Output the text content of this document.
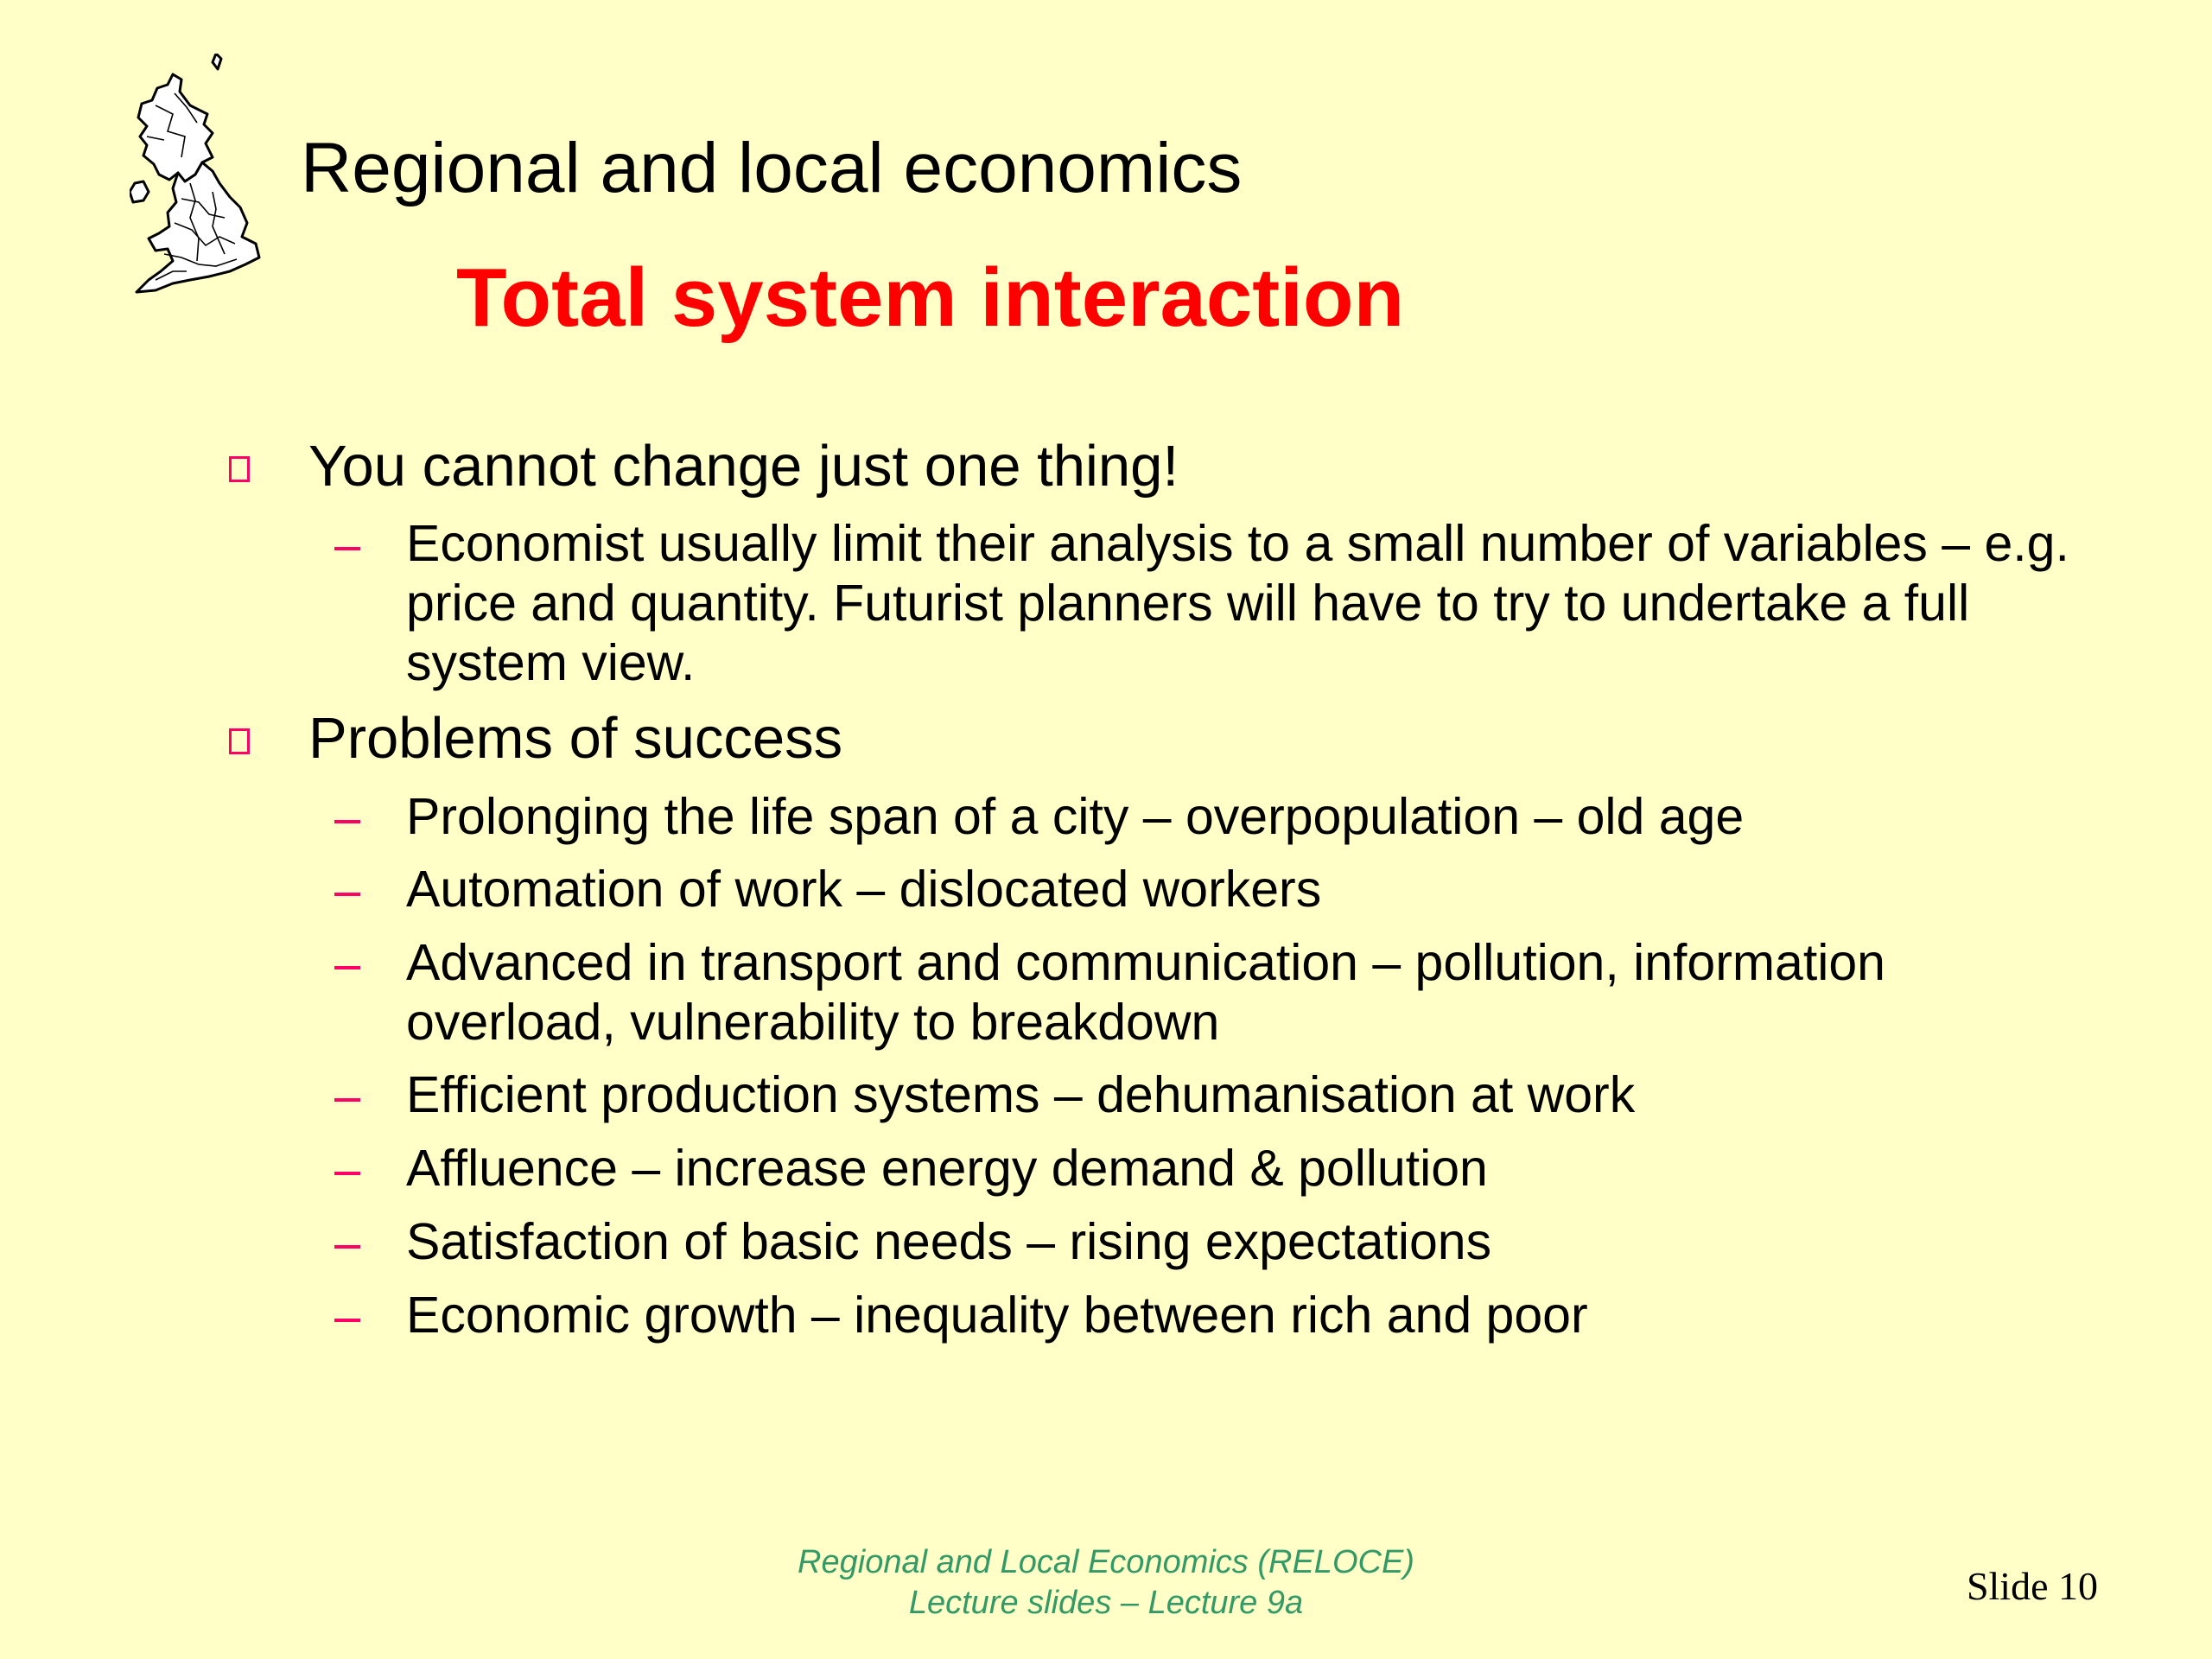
Regional and local economics
Total system interaction
You cannot change just one thing!
Economist usually limit their analysis to a small number of variables – e.g. price and quantity. Futurist planners will have to try to undertake a full system view.
Problems of success
Prolonging the life span of a city – overpopulation – old age
Automation of work – dislocated workers
Advanced in transport and communication – pollution, information overload, vulnerability to breakdown
Efficient production systems – dehumanisation at work
Affluence – increase energy demand & pollution
Satisfaction of basic needs – rising expectations
Economic growth – inequality between rich and poor
Regional and Local Economics (RELOCE)
Lecture slides – Lecture 9a	Slide 10
